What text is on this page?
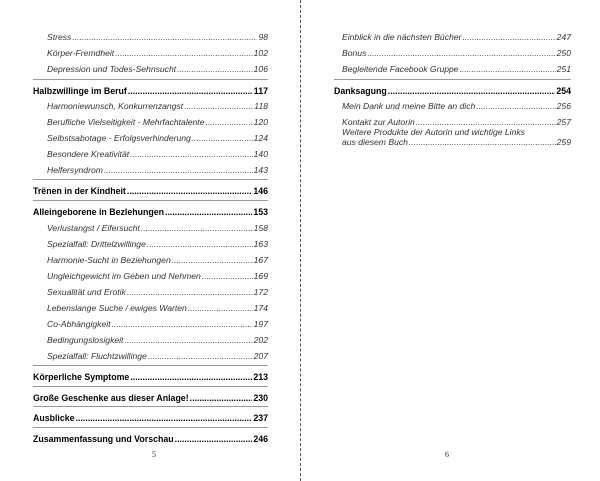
Stress .....	98
Körper-Fremdheit .....	102
Depression und Todes-Sehnsucht .....	106
Halbzwillinge im Beruf .....	117
Harmoniewunsch, Konkurrenzangst .....	118
Berufliche Vielseitigkeit - Mehrfachtalente .....	120
Selbstsabotage - Erfolgsverhinderung .....	124
Besondere Kreativität .....	140
Helfersyndrom .....	143
Trënen in der Kindheit .....	146
Alleingeborene in Bezlehungen .....	153
Verlustangst / Eifersucht .....	158
Spezialfall: Drittelzwillinge .....	163
Harmonie-Sucht in Beziehungen .....	167
Ungleichgewicht im Geben und Nehmen .....	169
Sexualität und Erotik .....	172
Lebenslange Suche / ewiges Warten .....	174
Co-Abhängigkeit .....	197
Bedingungslosigkeit .....	202
Spezialfall: Fluchtzwillinge .....	207
Körperliche Symptome .....	213
Große Geschenke aus dieser Anlage! .....	230
Ausblicke .....	237
Zusammenfassung und Vorschau .....	246
5
Einblick in die nächsten Bücher .....	247
Bonus .....	250
Begleitende Facebook Gruppe .....	251
Danksagung .....	254
Mein Dank und meine Bitte an dich .....	256
Kontakt zur Autorin .....	257
Weitere Produkte der Autorin und wichtige Links
aus diesem Buch .....	259
6
